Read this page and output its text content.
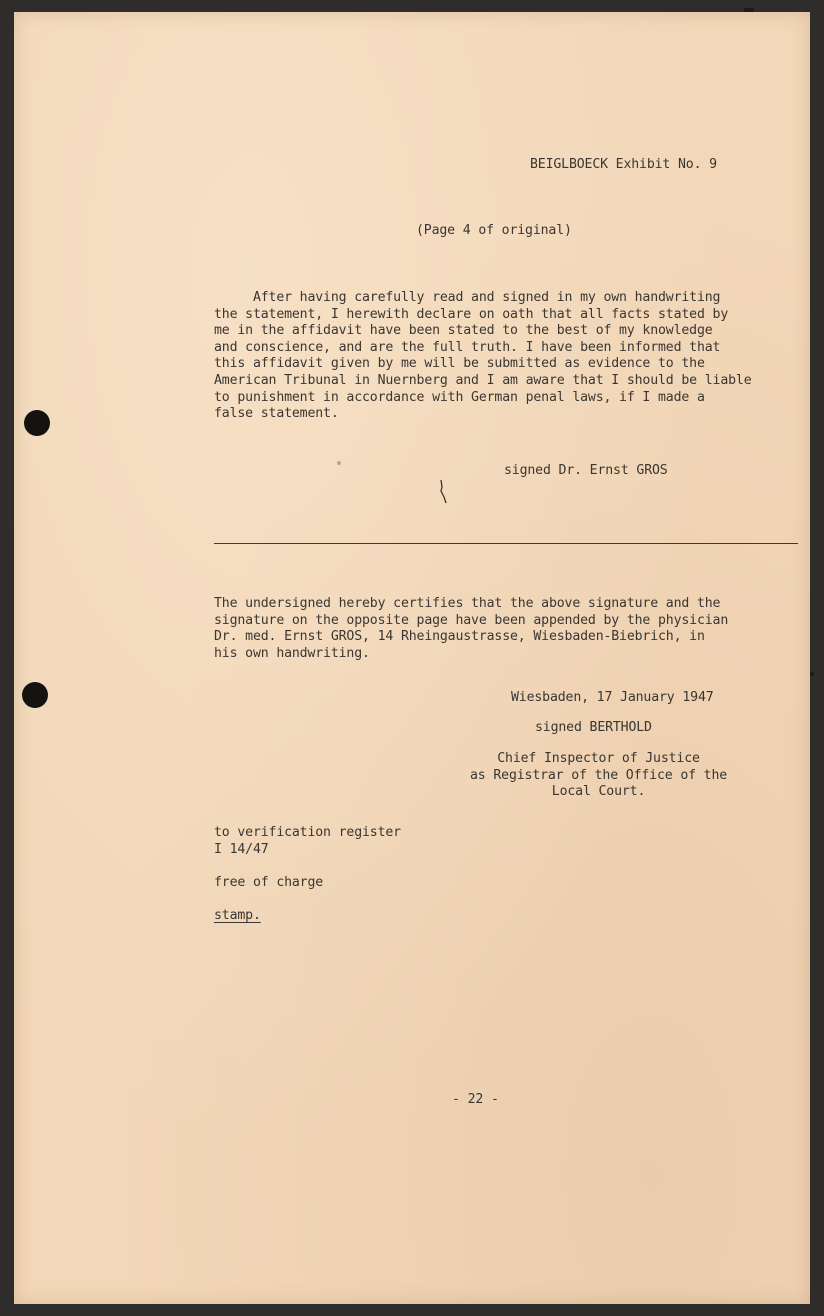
BEIGLBOECK Exhibit No. 9
(Page 4 of original)
After having carefully read and signed in my own handwriting
the statement, I herewith declare on oath that all facts stated by
me in the affidavit have been stated to the best of my knowledge
and conscience, and are the full truth. I have been informed that
this affidavit given by me will be submitted as evidence to the
American Tribunal in Nuernberg and I am aware that I should be liable
to punishment in accordance with German penal laws, if I made a
false statement.
signed Dr. Ernst GROS
The undersigned hereby certifies that the above signature and the
signature on the opposite page have been appended by the physician
Dr. med. Ernst GROS, 14 Rheingaustrasse, Wiesbaden-Biebrich, in
his own handwriting.
Wiesbaden, 17 January 1947
signed BERTHOLD
Chief Inspector of Justice
as Registrar of the Office of the
Local Court.
to verification register
I 14/47
free of charge
stamp.
- 22 -
